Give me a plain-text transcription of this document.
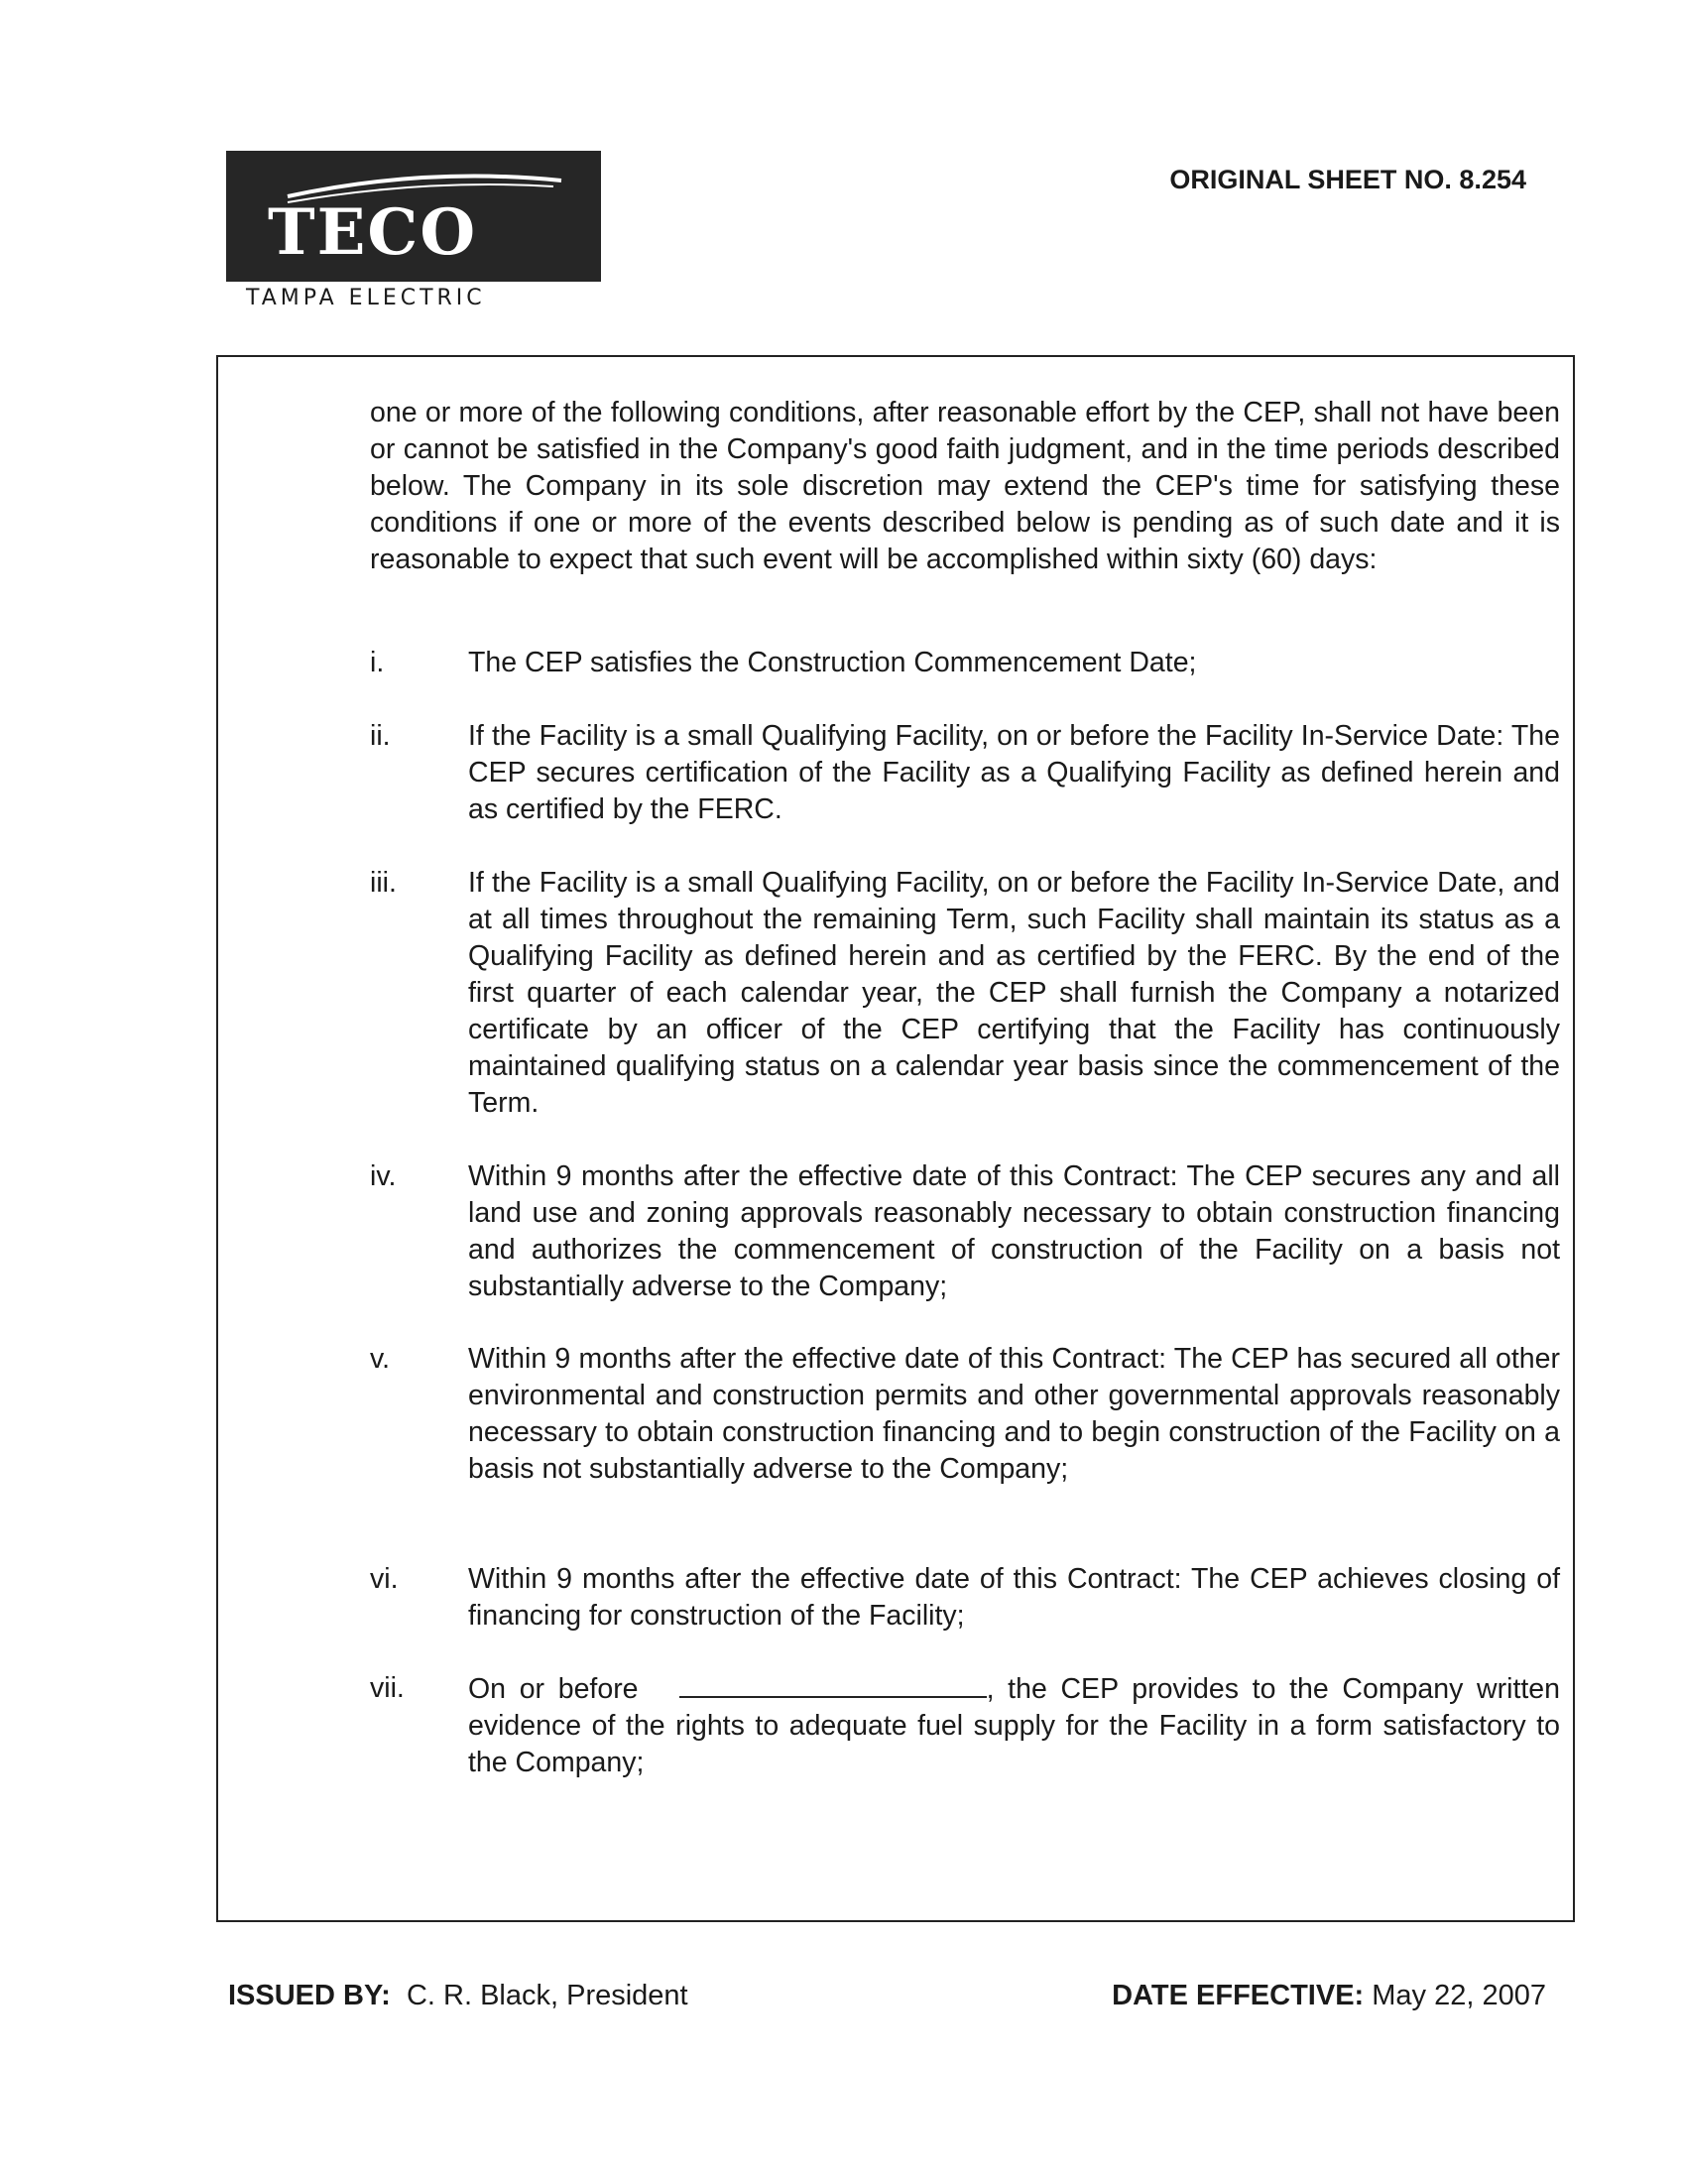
TECO
TAMPA ELECTRIC
ORIGINAL SHEET NO. 8.254
one or more of the following conditions, after reasonable effort by the CEP, shall not have been or cannot be satisfied in the Company's good faith judgment, and in the time periods described below. The Company in its sole discretion may extend the CEP's time for satisfying these conditions if one or more of the events described below is pending as of such date and it is reasonable to expect that such event will be accomplished within sixty (60) days:
i.	The CEP satisfies the Construction Commencement Date;
ii.	If the Facility is a small Qualifying Facility, on or before the Facility In-Service Date: The CEP secures certification of the Facility as a Qualifying Facility as defined herein and as certified by the FERC.
iii.	If the Facility is a small Qualifying Facility, on or before the Facility In-Service Date, and at all times throughout the remaining Term, such Facility shall maintain its status as a Qualifying Facility as defined herein and as certified by the FERC. By the end of the first quarter of each calendar year, the CEP shall furnish the Company a notarized certificate by an officer of the CEP certifying that the Facility has continuously maintained qualifying status on a calendar year basis since the commencement of the Term.
iv.	Within 9 months after the effective date of this Contract: The CEP secures any and all land use and zoning approvals reasonably necessary to obtain construction financing and authorizes the commencement of construction of the Facility on a basis not substantially adverse to the Company;
v.	Within 9 months after the effective date of this Contract: The CEP has secured all other environmental and construction permits and other governmental approvals reasonably necessary to obtain construction financing and to begin construction of the Facility on a basis not substantially adverse to the Company;
vi.	Within 9 months after the effective date of this Contract: The CEP achieves closing of financing for construction of the Facility;
vii.	On or before	, the CEP provides to the Company written evidence of the rights to adequate fuel supply for the Facility in a form satisfactory to the Company;
ISSUED BY: C. R. Black, President	DATE EFFECTIVE: May 22, 2007
